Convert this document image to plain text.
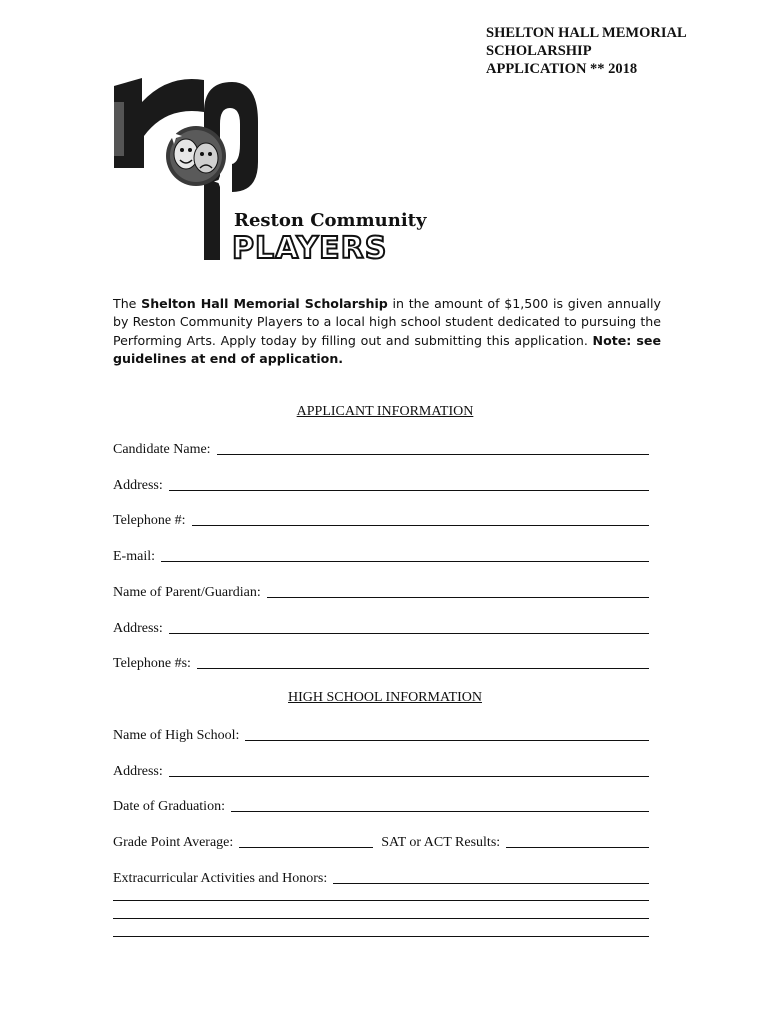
SHELTON HALL MEMORIAL
SCHOLARSHIP
APPLICATION ** 2018
Reston Community
PLAYERS
The Shelton Hall Memorial Scholarship in the amount of $1,500 is given annually by Reston Community Players to a local high school student dedicated to pursuing the Performing Arts. Apply today by filling out and submitting this application. Note: see guidelines at end of application.
APPLICANT INFORMATION
Candidate Name:
Address:
Telephone #:
E-mail:
Name of Parent/Guardian:
Address:
Telephone #s:
HIGH SCHOOL INFORMATION
Name of High School:
Address:
Date of Graduation:
Grade Point Average:	SAT or ACT Results:
Extracurricular Activities and Honors:
